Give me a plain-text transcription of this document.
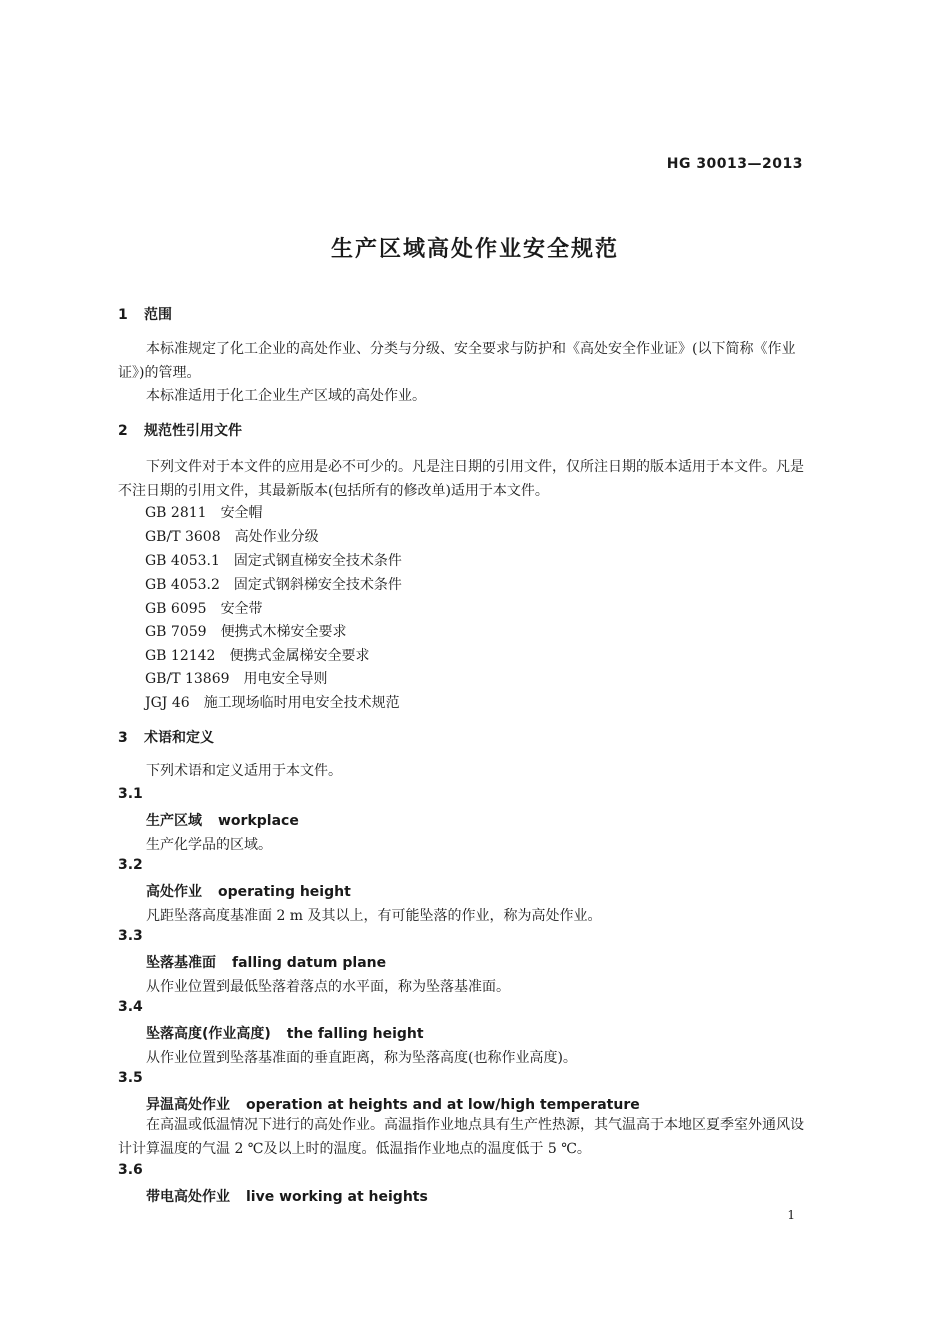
HG 30013—2013
生产区域高处作业安全规范
1 范围
本标准规定了化工企业的高处作业、分类与分级、安全要求与防护和《高处安全作业证》(以下简称《作业证》)的管理。
本标准适用于化工企业生产区域的高处作业。
2 规范性引用文件
下列文件对于本文件的应用是必不可少的。凡是注日期的引用文件，仅所注日期的版本适用于本文件。凡是不注日期的引用文件，其最新版本(包括所有的修改单)适用于本文件。
GB 2811 安全帽
GB/T 3608 高处作业分级
GB 4053.1 固定式钢直梯安全技术条件
GB 4053.2 固定式钢斜梯安全技术条件
GB 6095 安全带
GB 7059 便携式木梯安全要求
GB 12142 便携式金属梯安全要求
GB/T 13869 用电安全导则
JGJ 46 施工现场临时用电安全技术规范
3 术语和定义
下列术语和定义适用于本文件。
3.1
生产区域 workplace
生产化学品的区域。
3.2
高处作业 operating height
凡距坠落高度基准面 2 m 及其以上，有可能坠落的作业，称为高处作业。
3.3
坠落基准面 falling datum plane
从作业位置到最低坠落着落点的水平面，称为坠落基准面。
3.4
坠落高度(作业高度) the falling height
从作业位置到坠落基准面的垂直距离，称为坠落高度(也称作业高度)。
3.5
异温高处作业 operation at heights and at low/high temperature
在高温或低温情况下进行的高处作业。高温指作业地点具有生产性热源，其气温高于本地区夏季室外通风设计计算温度的气温 2 ℃及以上时的温度。低温指作业地点的温度低于 5 ℃。
3.6
带电高处作业 live working at heights
1
